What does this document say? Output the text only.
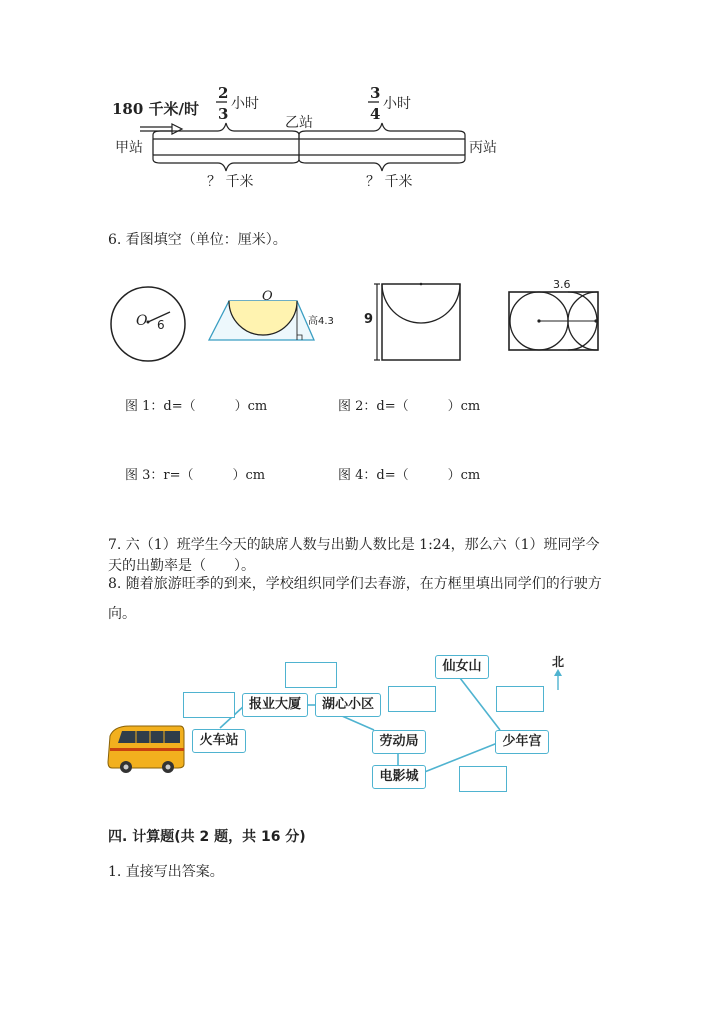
180 千米/时
2
3
小时
3
4
小时
乙站
甲站	丙站
？ 千米	？ 千米
6. 看图填空（单位：厘米）。
O 6
O
高4.3 9
3.6
图 1：d=（　　　）cm	图 2：d=（　　　）cm
图 3：r=（　　　）cm	图 4：d=（　　　）cm
7. 六（1）班学生今天的缺席人数与出勤人数比是 1:24，那么六（1）班同学今
天的出勤率是（　　）。
8. 随着旅游旺季的到来，学校组织同学们去春游，在方框里填出同学们的行驶方
向。
北
报业大厦	湖心小区
仙女山
火车站	劳动局	少年宫
电影城
四. 计算题(共 2 题，共 16 分)
1. 直接写出答案。
